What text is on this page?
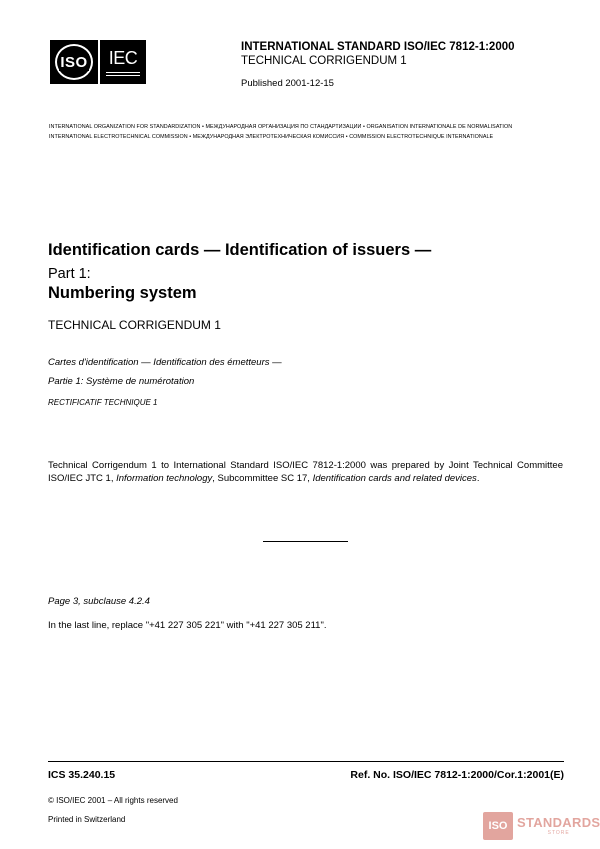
ISO IEC
INTERNATIONAL STANDARD ISO/IEC 7812-1:2000
TECHNICAL CORRIGENDUM 1
Published 2001-12-15
INTERNATIONAL ORGANIZATION FOR STANDARDIZATION • МЕЖДУНАРОДНАЯ ОРГАНИЗАЦИЯ ПО СТАНДАРТИЗАЦИИ • ORGANISATION INTERNATIONALE DE NORMALISATION
INTERNATIONAL ELECTROTECHNICAL COMMISSION • МЕЖДУНАРОДНАЯ ЭЛЕКТРОТЕХНИЧЕСКАЯ КОМИССИЯ • COMMISSION ELECTROTECHNIQUE INTERNATIONALE
Identification cards — Identification of issuers —
Part 1:
Numbering system
TECHNICAL CORRIGENDUM 1
Cartes d'identification — Identification des émetteurs —
Partie 1: Système de numérotation
RECTIFICATIF TECHNIQUE 1
Technical Corrigendum 1 to International Standard ISO/IEC 7812-1:2000 was prepared by Joint Technical Committee ISO/IEC JTC 1, Information technology, Subcommittee SC 17, Identification cards and related devices.
Page 3, subclause 4.2.4
In the last line, replace "+41 227 305 221" with "+41 227 305 211".
ICS 35.240.15	Ref. No. ISO/IEC 7812-1:2000/Cor.1:2001(E)
© ISO/IEC 2001 – All rights reserved
Printed in Switzerland
ISO STANDARDS
STORE
